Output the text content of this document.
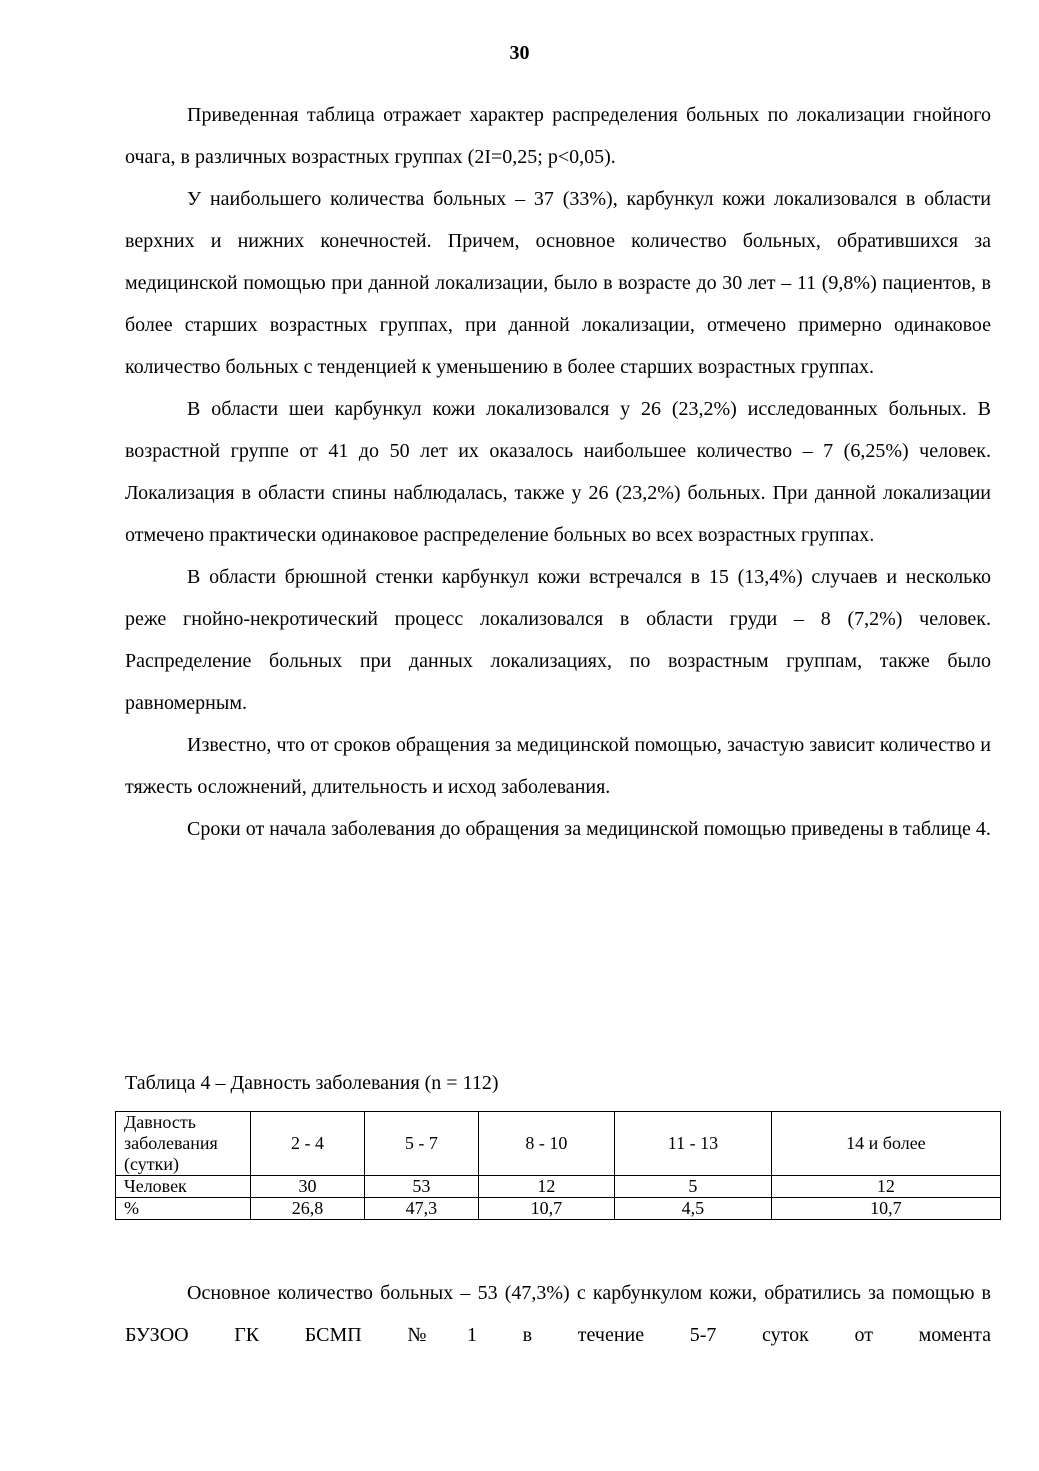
30

Приведенная таблица отражает характер распределения больных по локализации гнойного очага, в различных возрастных группах (2I=0,25; p<0,05).

У наибольшего количества больных – 37 (33%), карбункул кожи локализовался в области верхних и нижних конечностей. Причем, основное количество больных, обратившихся за медицинской помощью при данной локализации, было в возрасте до 30 лет – 11 (9,8%) пациентов, в более старших возрастных группах, при данной локализации, отмечено примерно одинаковое количество больных с тенденцией к уменьшению в более старших возрастных группах.

В области шеи карбункул кожи локализовался у 26 (23,2%) исследованных больных. В возрастной группе от 41 до 50 лет их оказалось наибольшее количество – 7 (6,25%) человек. Локализация в области спины наблюдалась, также у 26 (23,2%) больных. При данной локализации отмечено практически одинаковое распределение больных во всех возрастных группах.

В области брюшной стенки карбункул кожи встречался в 15 (13,4%) случаев и несколько реже гнойно-некротический процесс локализовался в области груди – 8 (7,2%) человек. Распределение больных при данных локализациях, по возрастным группам, также было равномерным.

Известно, что от сроков обращения за медицинской помощью, зачастую зависит количество и тяжесть осложнений, длительность и исход заболевания.

Сроки от начала заболевания до обращения за медицинской помощью приведены в таблице 4.

Таблица 4 – Давность заболевания (n = 112)
Давность заболевания (сутки)	2 - 4	5 - 7	8 - 10	11 - 13	14 и более
Человек	30	53	12	5	12
%	26,8	47,3	10,7	4,5	10,7

Основное количество больных – 53 (47,3%) с карбункулом кожи, обратились за помощью в БУЗОО ГК БСМП №1 в течение 5-7 суток от момента
